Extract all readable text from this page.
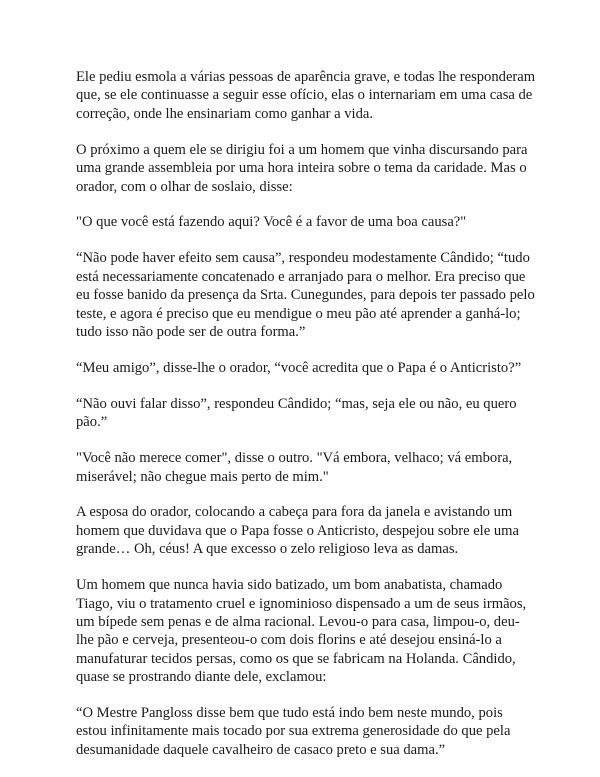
Ele pediu esmola a várias pessoas de aparência grave, e todas lhe responderam que, se ele continuasse a seguir esse ofício, elas o internariam em uma casa de correção, onde lhe ensinariam como ganhar a vida.

O próximo a quem ele se dirigiu foi a um homem que vinha discursando para uma grande assembleia por uma hora inteira sobre o tema da caridade. Mas o orador, com o olhar de soslaio, disse:

"O que você está fazendo aqui? Você é a favor de uma boa causa?"

“Não pode haver efeito sem causa”, respondeu modestamente Cândido; “tudo está necessariamente concatenado e arranjado para o melhor. Era preciso que eu fosse banido da presença da Srta. Cunegundes, para depois ter passado pelo teste, e agora é preciso que eu mendigue o meu pão até aprender a ganhá-lo; tudo isso não pode ser de outra forma.”

“Meu amigo”, disse-lhe o orador, “você acredita que o Papa é o Anticristo?”

“Não ouvi falar disso”, respondeu Cândido; “mas, seja ele ou não, eu quero pão.”

"Você não merece comer", disse o outro. "Vá embora, velhaco; vá embora, miserável; não chegue mais perto de mim."

A esposa do orador, colocando a cabeça para fora da janela e avistando um homem que duvidava que o Papa fosse o Anticristo, despejou sobre ele uma grande… Oh, céus! A que excesso o zelo religioso leva as damas.

Um homem que nunca havia sido batizado, um bom anabatista, chamado Tiago, viu o tratamento cruel e ignominioso dispensado a um de seus irmãos, um bípede sem penas e de alma racional. Levou-o para casa, limpou-o, deu-lhe pão e cerveja, presenteou-o com dois florins e até desejou ensiná-lo a manufaturar tecidos persas, como os que se fabricam na Holanda. Cândido, quase se prostrando diante dele, exclamou:

“O Mestre Pangloss disse bem que tudo está indo bem neste mundo, pois estou infinitamente mais tocado por sua extrema generosidade do que pela desumanidade daquele cavalheiro de casaco preto e sua dama.”
